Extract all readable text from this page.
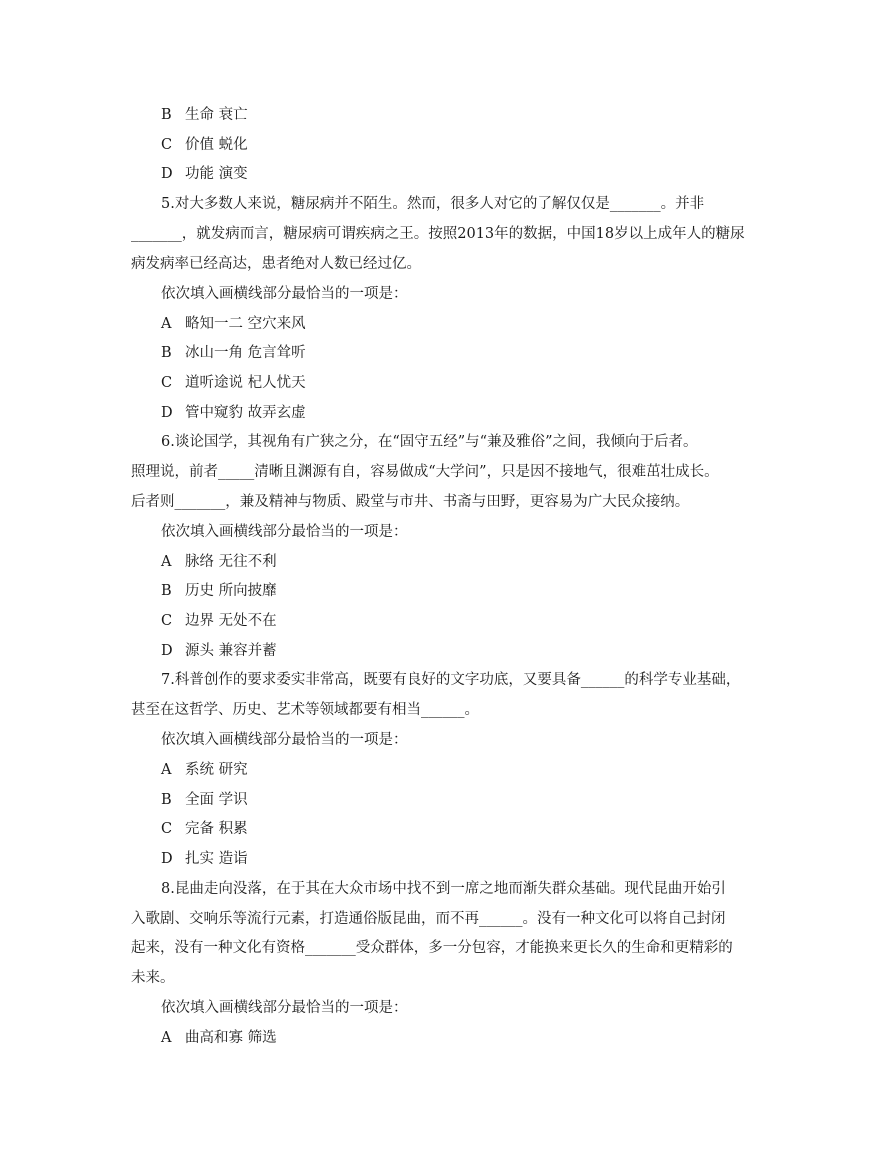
B 生命 衰亡
C 价值 蜕化
D 功能 演变
5.对大多数人来说，糖尿病并不陌生。然而，很多人对它的了解仅仅是_______。并非
_______，就发病而言，糖尿病可谓疾病之王。按照2013年的数据，中国18岁以上成年人的糖尿
病发病率已经高达，患者绝对人数已经过亿。
依次填入画横线部分最恰当的一项是：
A 略知一二 空穴来风
B 冰山一角 危言耸听
C 道听途说 杞人忧天
D 管中窥豹 故弄玄虚
6.谈论国学，其视角有广狭之分，在“固守五经”与“兼及雅俗”之间，我倾向于后者。
照理说，前者_____清晰且渊源有自，容易做成“大学问”，只是因不接地气，很难茁壮成长。
后者则_______，兼及精神与物质、殿堂与市井、书斋与田野，更容易为广大民众接纳。
依次填入画横线部分最恰当的一项是：
A 脉络 无往不利
B 历史 所向披靡
C 边界 无处不在
D 源头 兼容并蓄
7.科普创作的要求委实非常高，既要有良好的文字功底，又要具备______的科学专业基础，
甚至在这哲学、历史、艺术等领域都要有相当______。
依次填入画横线部分最恰当的一项是：
A 系统 研究
B 全面 学识
C 完备 积累
D 扎实 造诣
8.昆曲走向没落，在于其在大众市场中找不到一席之地而渐失群众基础。现代昆曲开始引
入歌剧、交响乐等流行元素，打造通俗版昆曲，而不再______。没有一种文化可以将自己封闭
起来，没有一种文化有资格_______受众群体，多一分包容，才能换来更长久的生命和更精彩的
未来。
依次填入画横线部分最恰当的一项是：
A 曲高和寡 筛选
